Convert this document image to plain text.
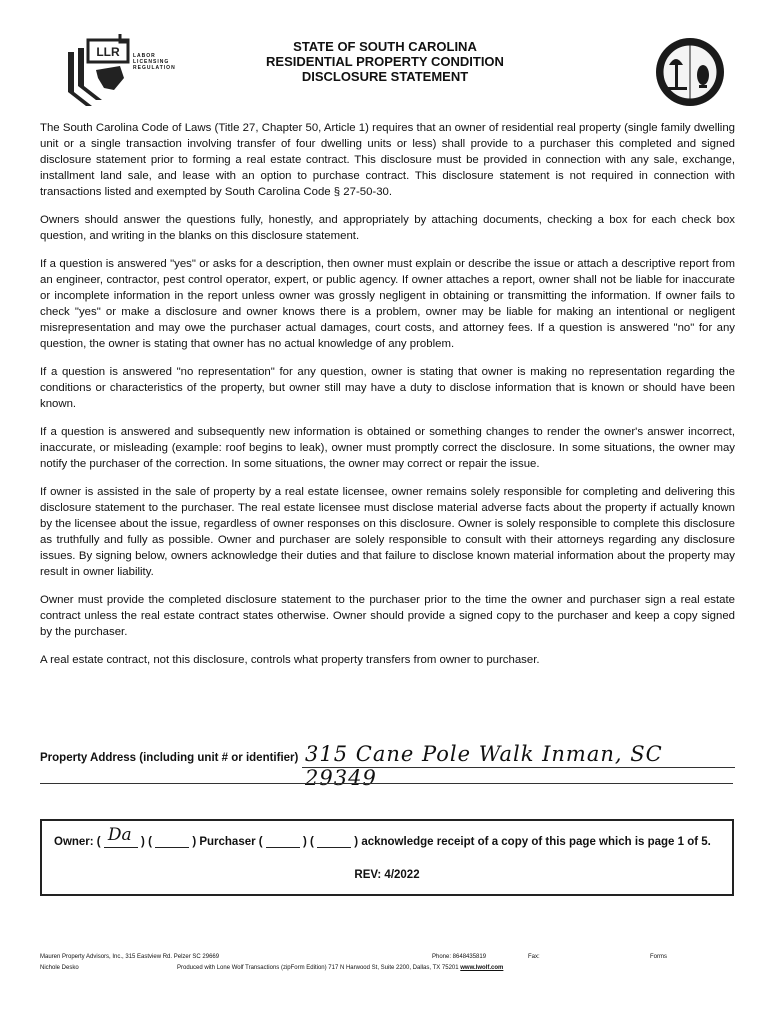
LLR	LABOR
LICENSING
REGULATION
STATE OF SOUTH CAROLINA
RESIDENTIAL PROPERTY CONDITION
DISCLOSURE STATEMENT

The South Carolina Code of Laws (Title 27, Chapter 50, Article 1) requires that an owner of residential real property (single family dwelling unit or a single transaction involving transfer of four dwelling units or less) shall provide to a purchaser this completed and signed disclosure statement prior to forming a real estate contract. This disclosure must be provided in connection with any sale, exchange, installment land sale, and lease with an option to purchase contract. This disclosure statement is not required in connection with transactions listed and exempted by South Carolina Code § 27-50-30.

Owners should answer the questions fully, honestly, and appropriately by attaching documents, checking a box for each check box question, and writing in the blanks on this disclosure statement.

If a question is answered "yes" or asks for a description, then owner must explain or describe the issue or attach a descriptive report from an engineer, contractor, pest control operator, expert, or public agency. If owner attaches a report, owner shall not be liable for inaccurate or incomplete information in the report unless owner was grossly negligent in obtaining or transmitting the information. If owner fails to check "yes" or make a disclosure and owner knows there is a problem, owner may be liable for making an intentional or negligent misrepresentation and may owe the purchaser actual damages, court costs, and attorney fees. If a question is answered "no" for any question, the owner is stating that owner has no actual knowledge of any problem.

If a question is answered "no representation" for any question, owner is stating that owner is making no representation regarding the conditions or characteristics of the property, but owner still may have a duty to disclose information that is known or should have been known.

If a question is answered and subsequently new information is obtained or something changes to render the owner's answer incorrect, inaccurate, or misleading (example: roof begins to leak), owner must promptly correct the disclosure. In some situations, the owner may notify the purchaser of the correction. In some situations, the owner may correct or repair the issue.

If owner is assisted in the sale of property by a real estate licensee, owner remains solely responsible for completing and delivering this disclosure statement to the purchaser. The real estate licensee must disclose material adverse facts about the property if actually known by the licensee about the issue, regardless of owner responses on this disclosure. Owner is solely responsible to complete this disclosure as truthfully and fully as possible. Owner and purchaser are solely responsible to consult with their attorneys regarding any disclosure issues. By signing below, owners acknowledge their duties and that failure to disclose known material information about the property may result in owner liability.

Owner must provide the completed disclosure statement to the purchaser prior to the time the owner and purchaser sign a real estate contract unless the real estate contract states otherwise. Owner should provide a signed copy to the purchaser and keep a copy signed by the purchaser.

A real estate contract, not this disclosure, controls what property transfers from owner to purchaser.

Property Address (including unit # or identifier) 315 Cane Pole Walk Inman, SC 29349
Owner: ( Da ) (	) Purchaser (	) (	) acknowledge receipt of a copy of this page which is page 1 of 5.
REV: 4/2022
Mauren Property Advisors, Inc., 315 Eastview Rd. Pelzer SC 29669
Nichole Desko	Produced with Lone Wolf Transactions (zipForm Edition) 717 N Harwood St, Suite 2200, Dallas, TX 75201 www.lwolf.com
Phone: 8648435819	Fax:	Forms
